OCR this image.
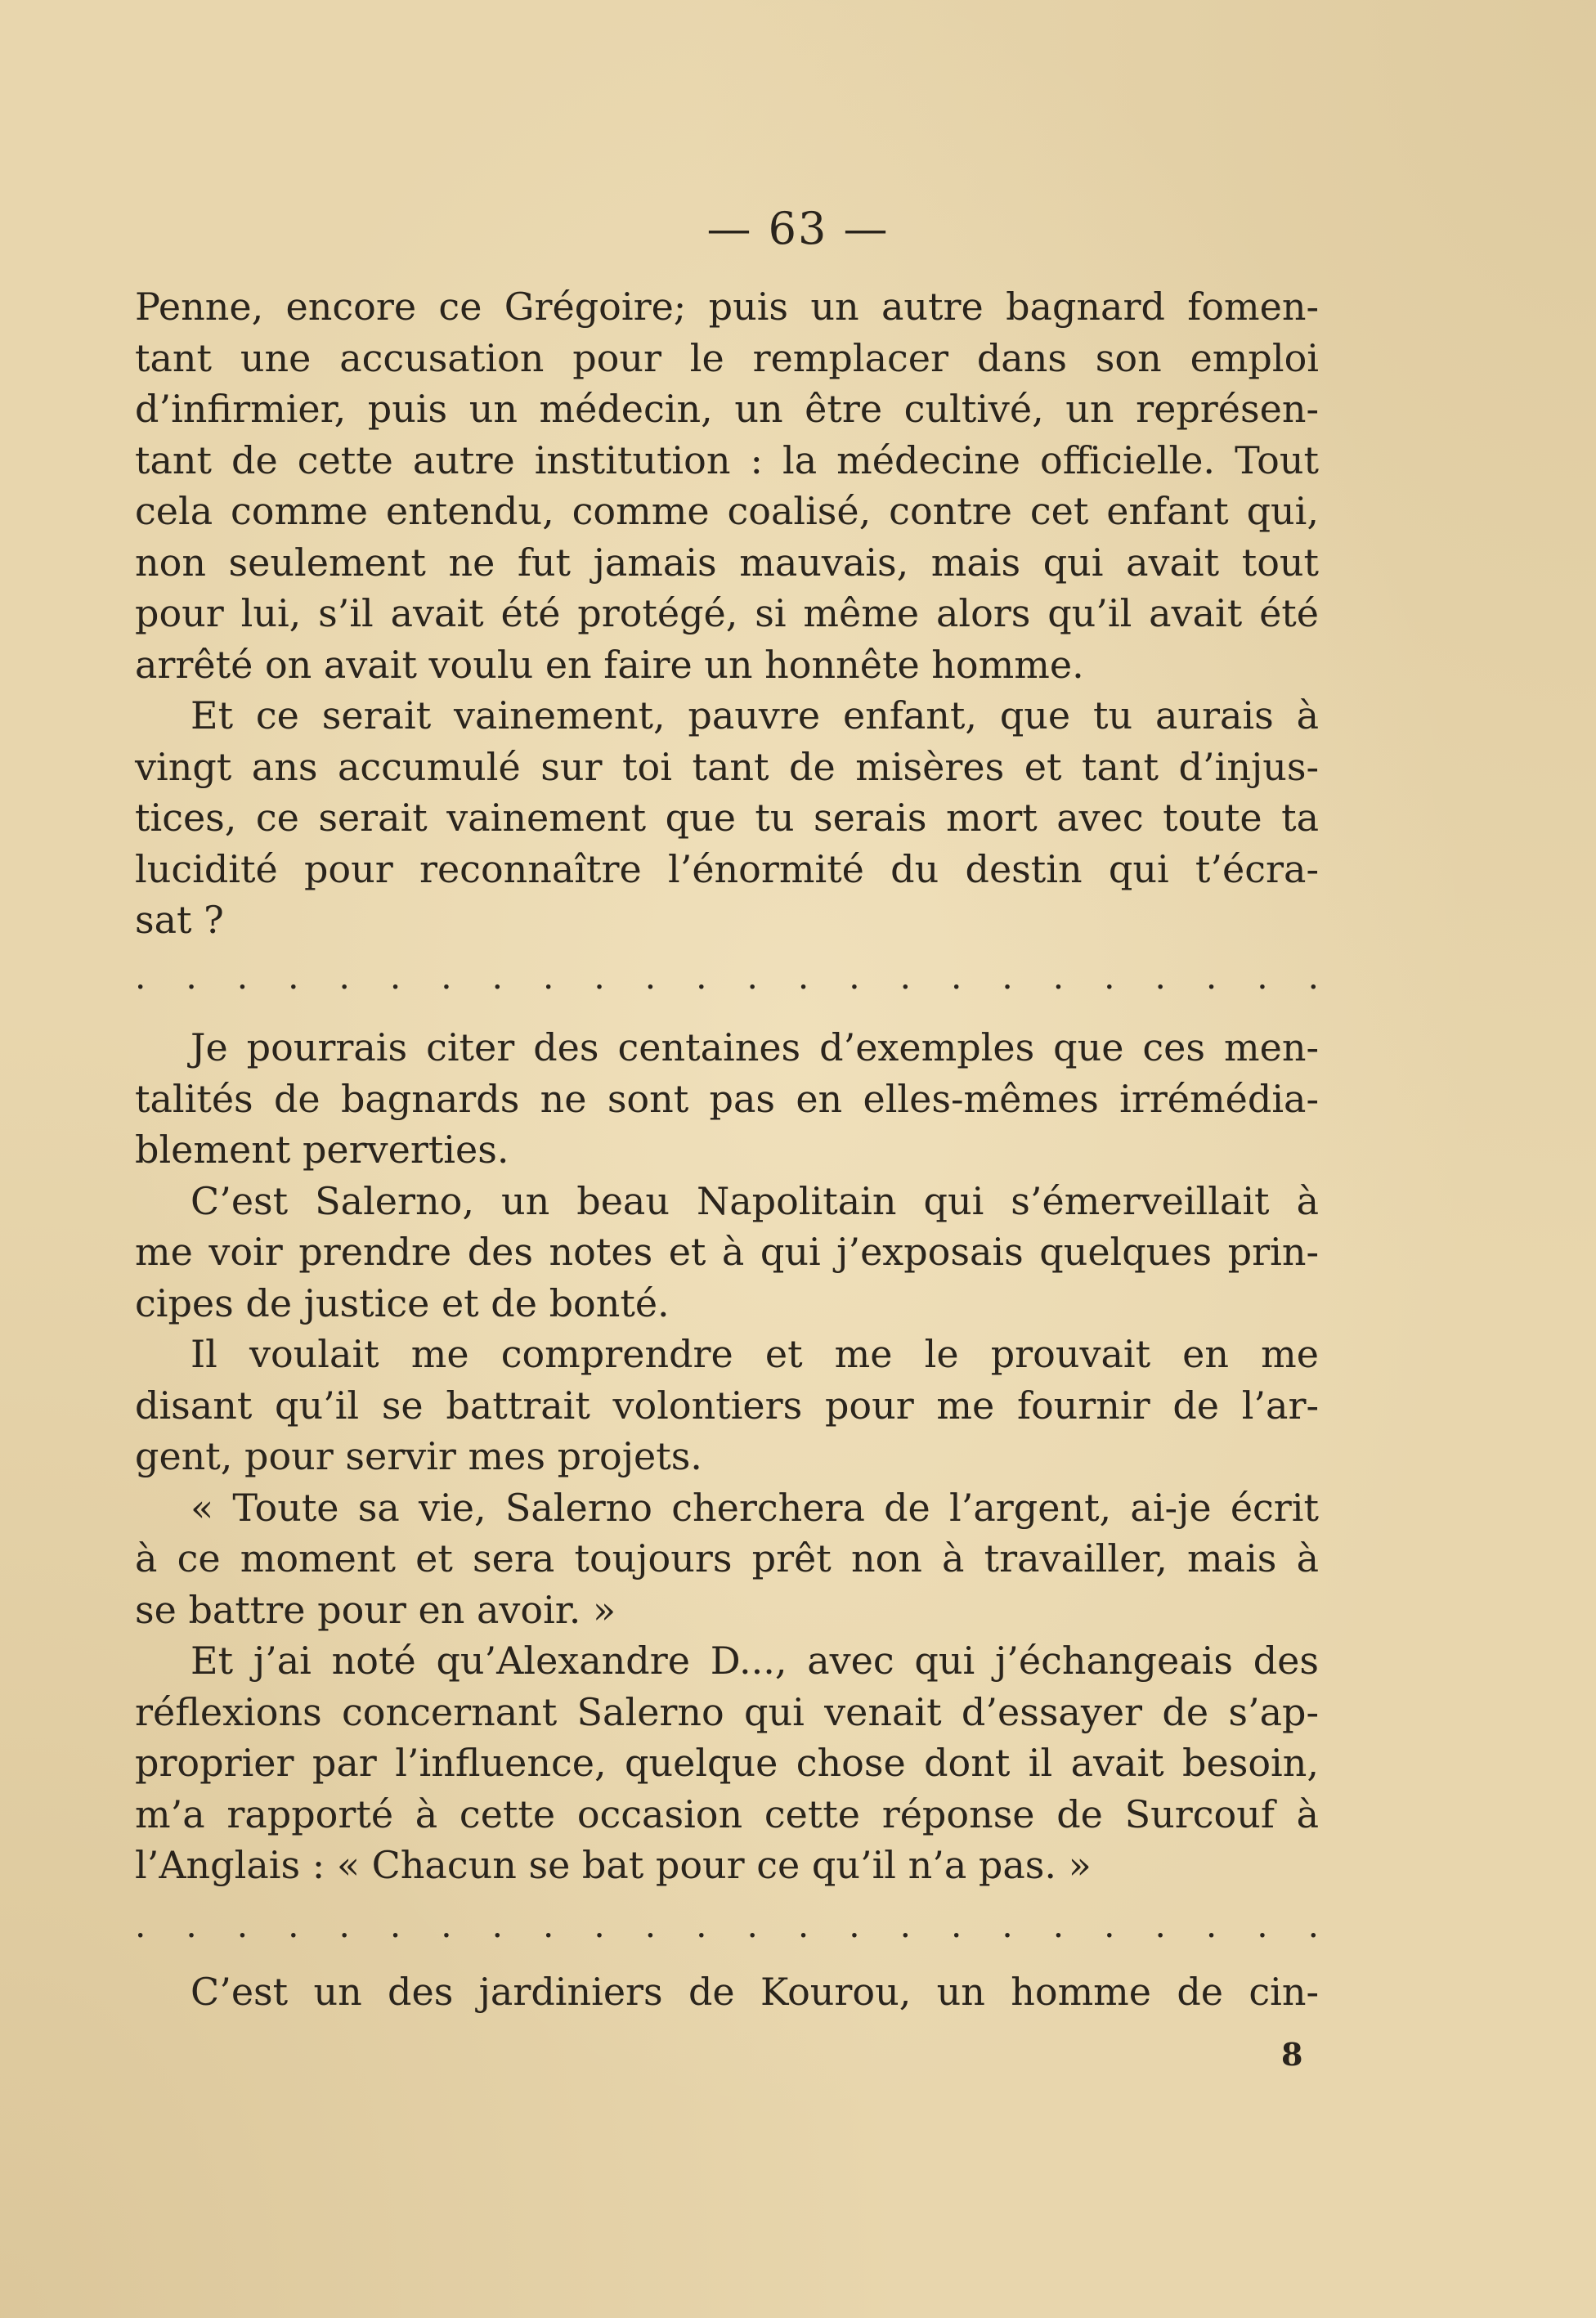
— 63 —
Penne, encore ce Grégoire; puis un autre bagnard fomen-
tant une accusation pour le remplacer dans son emploi
d’infirmier, puis un médecin, un être cultivé, un représen-
tant de cette autre institution : la médecine officielle. Tout
cela comme entendu, comme coalisé, contre cet enfant qui,
non seulement ne fut jamais mauvais, mais qui avait tout
pour lui, s’il avait été protégé, si même alors qu’il avait été
arrêté on avait voulu en faire un honnête homme.
Et ce serait vainement, pauvre enfant, que tu aurais à
vingt ans accumulé sur toi tant de misères et tant d’injus-
tices, ce serait vainement que tu serais mort avec toute ta
lucidité pour reconnaître l’énormité du destin qui t’écra-
sat ?
. . . . . . . . . . . . . . . . . . . . . . . .
Je pourrais citer des centaines d’exemples que ces men-
talités de bagnards ne sont pas en elles-mêmes irrémédia-
blement perverties.
C’est Salerno, un beau Napolitain qui s’émerveillait à
me voir prendre des notes et à qui j’exposais quelques prin-
cipes de justice et de bonté.
Il voulait me comprendre et me le prouvait en me
disant qu’il se battrait volontiers pour me fournir de l’ar-
gent, pour servir mes projets.
« Toute sa vie, Salerno cherchera de l’argent, ai-je écrit
à ce moment et sera toujours prêt non à travailler, mais à
se battre pour en avoir. »
Et j’ai noté qu’Alexandre D..., avec qui j’échangeais des
réflexions concernant Salerno qui venait d’essayer de s’ap-
proprier par l’influence, quelque chose dont il avait besoin,
m’a rapporté à cette occasion cette réponse de Surcouf à
l’Anglais : « Chacun se bat pour ce qu’il n’a pas. »
. . . . . . . . . . . . . . . . . . . . . . . .
C’est un des jardiniers de Kourou, un homme de cin-
8
